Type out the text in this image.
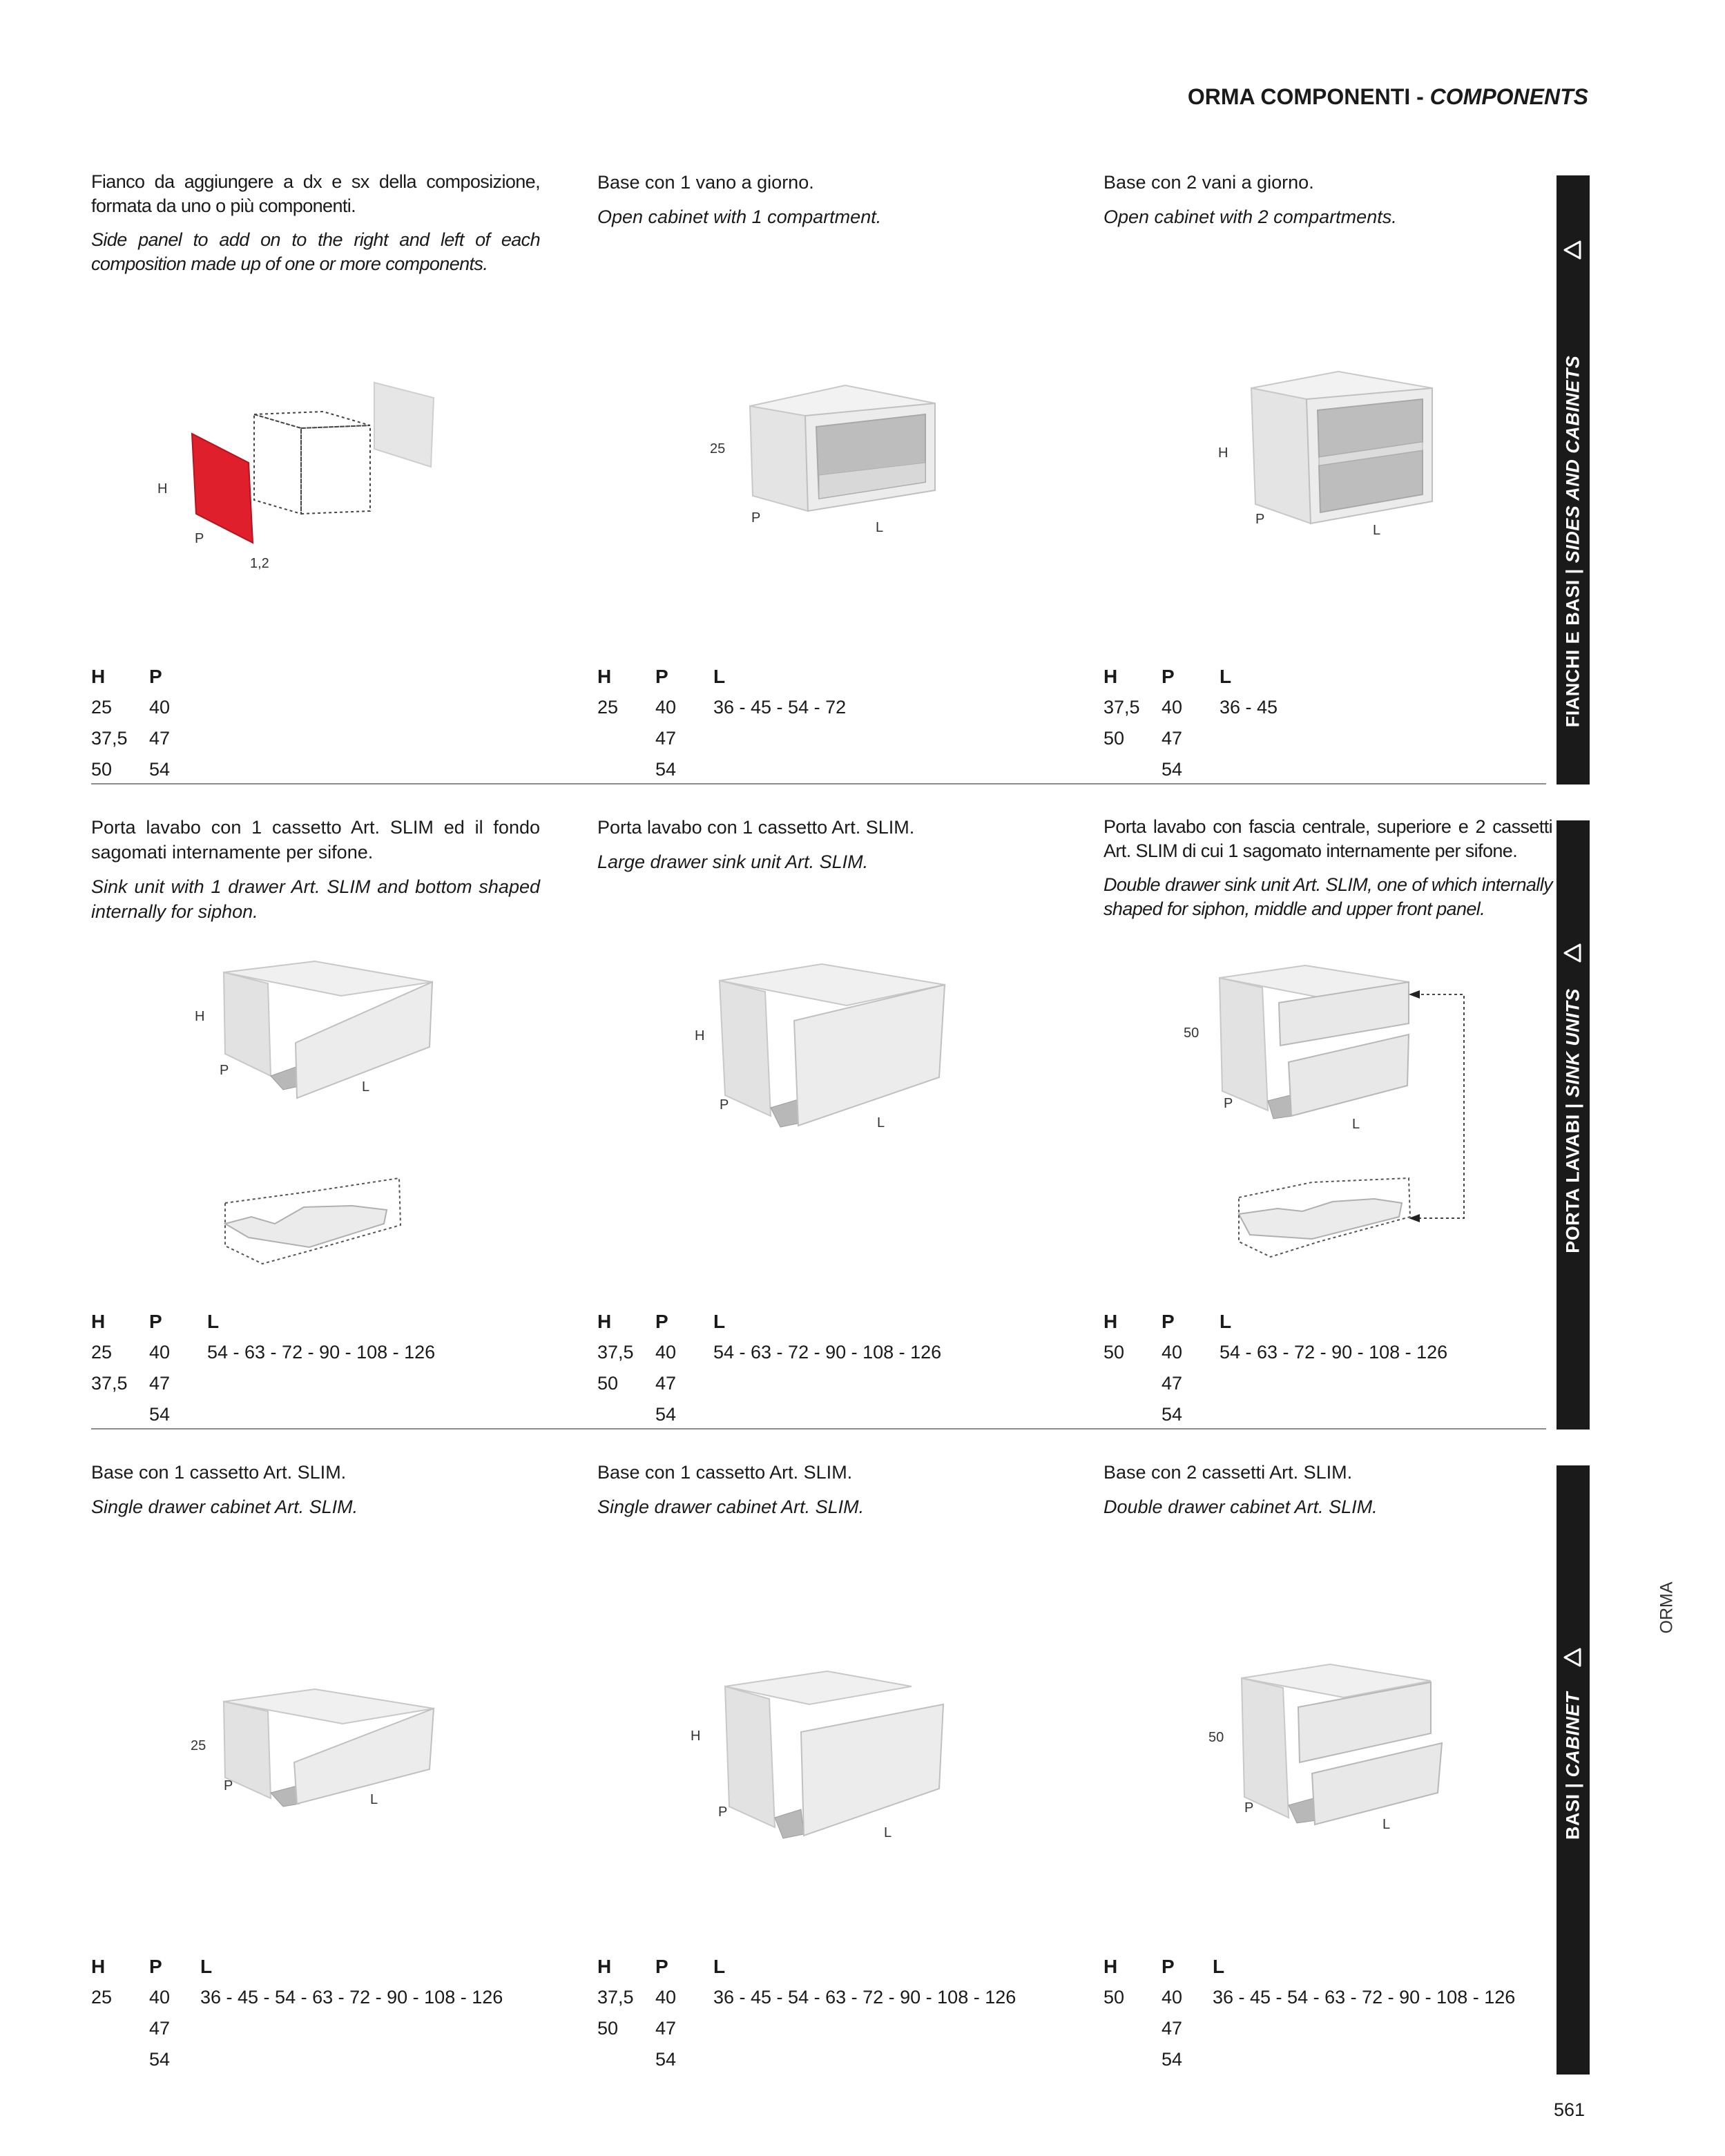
ORMA COMPONENTI - COMPONENTS

Fianco da aggiungere a dx e sx della composizione, formata da uno o più componenti.

Side panel to add on to the right and left of each composition made up of one or more components.

H
P
1,2
H P
25 40
37,5 47
50 54

Base con 1 vano a giorno.

Open cabinet with 1 compartment.

25
P
L
H P L
25 40 36 - 45 - 54 - 72
47
54

Base con 2 vani a giorno.

Open cabinet with 2 compartments.

H
P
L
H P L
37,5 40 36 - 45
50 47
54

Porta lavabo con 1 cassetto Art. SLIM ed il fondo sagomati internamente per sifone.

Sink unit with 1 drawer Art. SLIM and bottom shaped internally for siphon.

H
P
L
H P L
25 40 54 - 63 - 72 - 90 - 108 - 126
37,5 47
54

Porta lavabo con 1 cassetto Art. SLIM.

Large drawer sink unit Art. SLIM.

H
P
L
H P L
37,5 40 54 - 63 - 72 - 90 - 108 - 126
50 47
54

Porta lavabo con fascia centrale, superiore e 2 cassetti Art. SLIM di cui 1 sagomato internamente per sifone.

Double drawer sink unit Art. SLIM, one of which internally shaped for siphon, middle and upper front panel.

50
P
L
H P L
50 40 54 - 63 - 72 - 90 - 108 - 126
47
54

Base con 1 cassetto Art. SLIM.

Single drawer cabinet Art. SLIM.

25
P
L
H P L
25 40 36 - 45 - 54 - 63 - 72 - 90 - 108 - 126
47
54

Base con 1 cassetto Art. SLIM.

Single drawer cabinet Art. SLIM.

H
P
L
H P L
37,5 40 36 - 45 - 54 - 63 - 72 - 90 - 108 - 126
50 47
54

Base con 2 cassetti Art. SLIM.

Double drawer cabinet Art. SLIM.

50
P
L
H P L
50 40 36 - 45 - 54 - 63 - 72 - 90 - 108 - 126
47
54
FIANCHI E BASI | SIDES AND CABINETS
PORTA LAVABI | SINK UNITS
BASI | CABINET
ORMA
561
